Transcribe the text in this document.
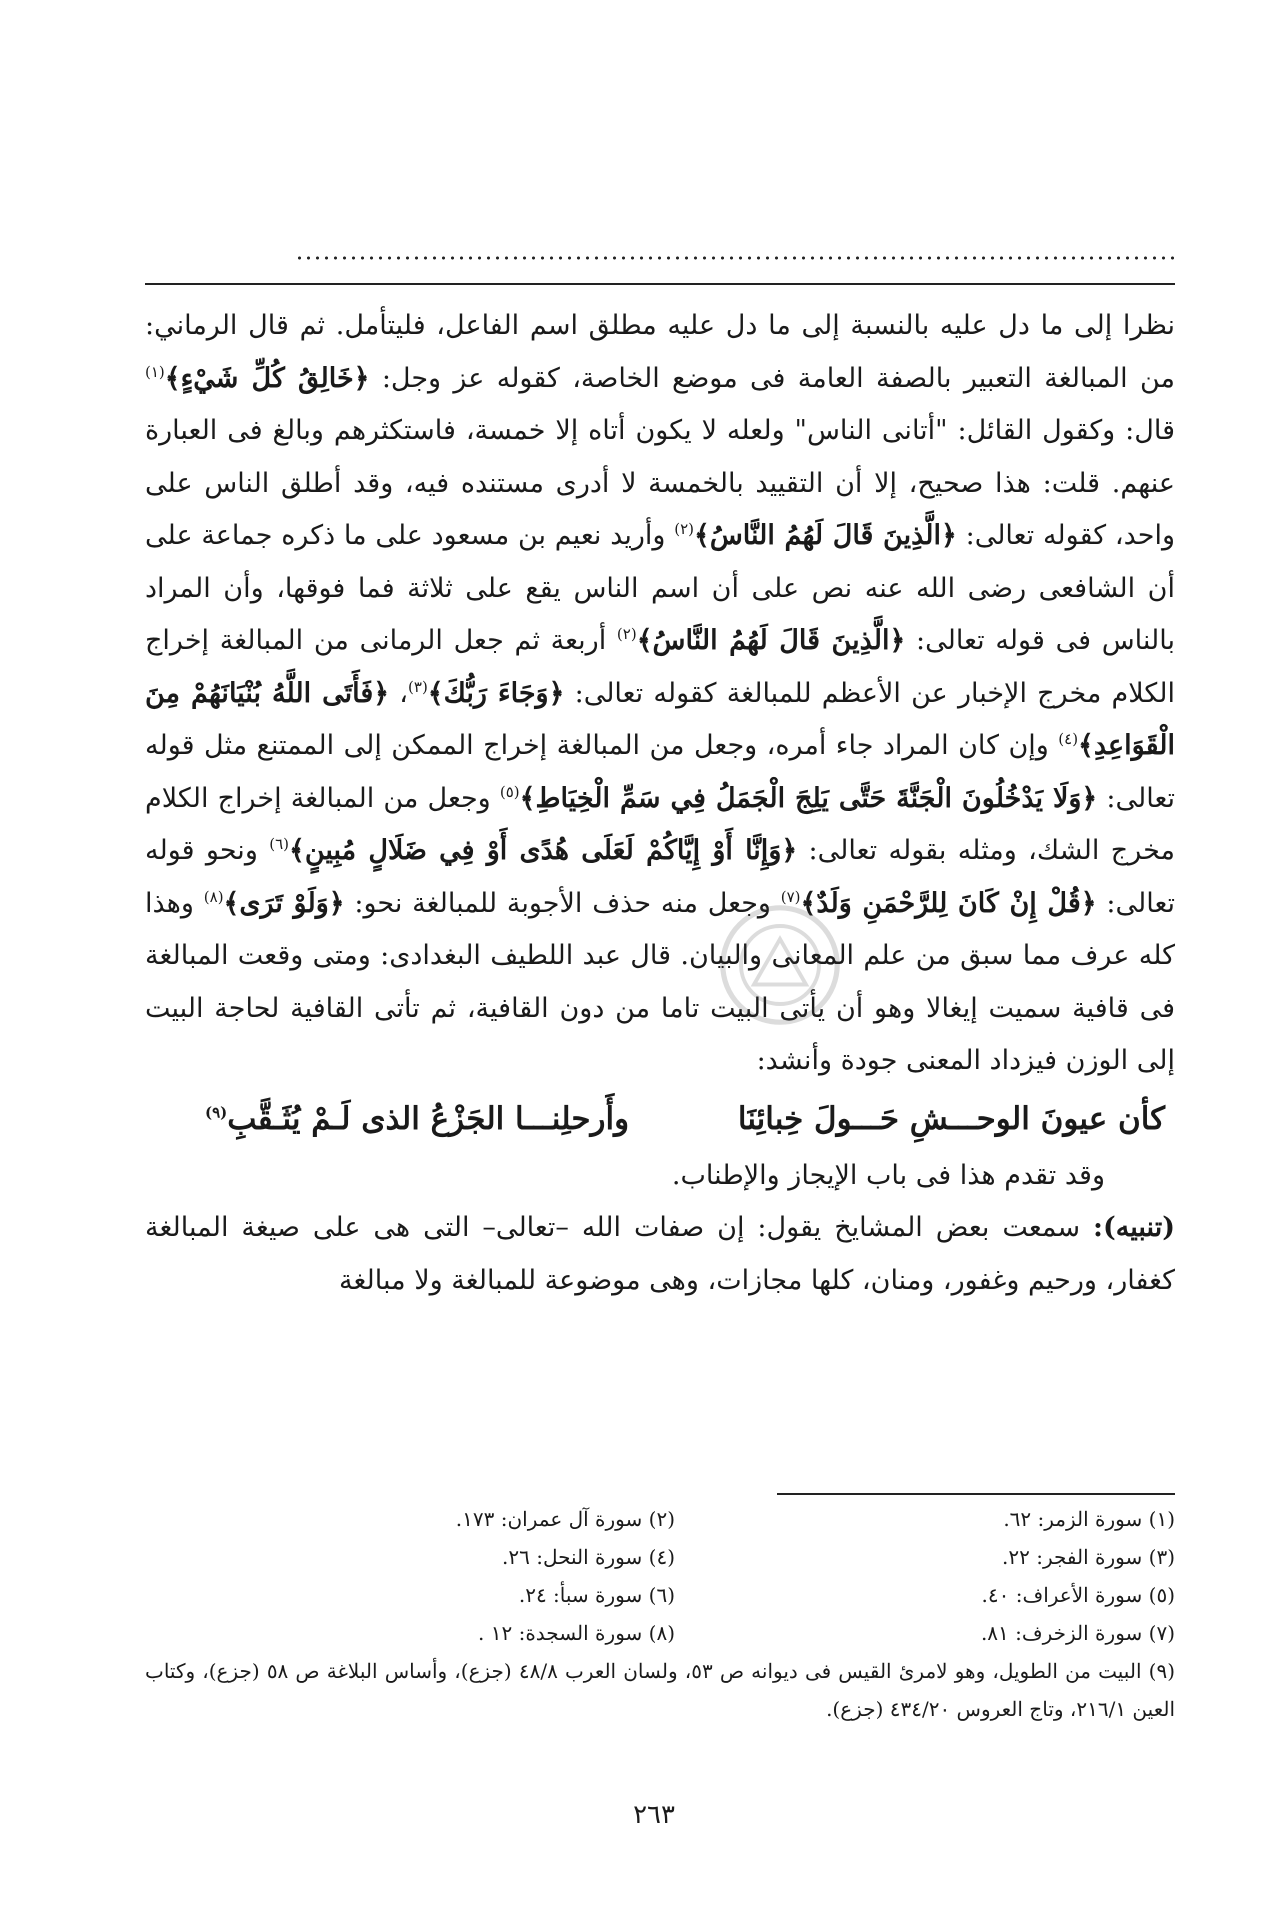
نظرا إلى ما دل عليه بالنسبة إلى ما دل عليه مطلق اسم الفاعل، فليتأمل. ثم قال الرماني: من المبالغة التعبير بالصفة العامة فى موضع الخاصة، كقوله عز وجل: ﴿خَالِقُ كُلِّ شَيْءٍ﴾$^{(١)}$ قال: وكقول القائل: "أتانى الناس" ولعله لا يكون أتاه إلا خمسة، فاستكثرهم وبالغ فى العبارة عنهم. قلت: هذا صحيح، إلا أن التقييد بالخمسة لا أدرى مستنده فيه، وقد أطلق الناس على واحد، كقوله تعالى: ﴿الَّذِينَ قَالَ لَهُمُ النَّاسُ﴾$^{(٢)}$ وأريد نعيم بن مسعود على ما ذكره جماعة على أن الشافعى رضى الله عنه نص على أن اسم الناس يقع على ثلاثة فما فوقها، وأن المراد بالناس فى قوله تعالى: ﴿الَّذِينَ قَالَ لَهُمُ النَّاسُ﴾$^{(٢)}$ أربعة ثم جعل الرمانى من المبالغة إخراج الكلام مخرج الإخبار عن الأعظم للمبالغة كقوله تعالى: ﴿وَجَاءَ رَبُّكَ﴾$^{(٣)}$، ﴿فَأَتَى اللَّهُ بُنْيَانَهُمْ مِنَ الْقَوَاعِدِ﴾$^{(٤)}$ وإن كان المراد جاء أمره، وجعل من المبالغة إخراج الممكن إلى الممتنع مثل قوله تعالى: ﴿وَلَا يَدْخُلُونَ الْجَنَّةَ حَتَّى يَلِجَ الْجَمَلُ فِي سَمِّ الْخِيَاطِ﴾$^{(٥)}$ وجعل من المبالغة إخراج الكلام مخرج الشك، ومثله بقوله تعالى: ﴿وَإِنَّا أَوْ إِيَّاكُمْ لَعَلَى هُدًى أَوْ فِي ضَلَالٍ مُبِينٍ﴾$^{(٦)}$ ونحو قوله تعالى: ﴿قُلْ إِنْ كَانَ لِلرَّحْمَنِ وَلَدٌ﴾$^{(٧)}$ وجعل منه حذف الأجوبة للمبالغة نحو: ﴿وَلَوْ تَرَى﴾$^{(٨)}$ وهذا كله عرف مما سبق من علم المعانى والبيان. قال عبد اللطيف البغدادى: ومتى وقعت المبالغة فى قافية سميت إيغالا وهو أن يأتى البيت تاما من دون القافية، ثم تأتى القافية لحاجة البيت إلى الوزن فيزداد المعنى جودة وأنشد:

كأن عيونَ الوحـــشِ حَـــولَ خِبائِنَا
وأَرحلِنـــا الجَزْعُ الذى لَـمْ يُثَـقَّبِ$^{(٩)}$

وقد تقدم هذا فى باب الإيجاز والإطناب.

(تنبيه): سمعت بعض المشايخ يقول: إن صفات الله –تعالى– التى هى على صيغة المبالغة كغفار، ورحيم وغفور، ومنان، كلها مجازات، وهى موضوعة للمبالغة ولا مبالغة

(١) سورة الزمر: ٦٢.
(٢) سورة آل عمران: ١٧٣.
(٣) سورة الفجر: ٢٢.
(٤) سورة النحل: ٢٦.
(٥) سورة الأعراف: ٤٠.
(٦) سورة سبأ: ٢٤.
(٧) سورة الزخرف: ٨١.
(٨) سورة السجدة: ١٢ .
(٩) البيت من الطويل، وهو لامرئ القيس فى ديوانه ص ٥٣، ولسان العرب ٤٨/٨ (جزع)، وأساس البلاغة ص ٥٨ (جزع)، وكتاب العين ٢١٦/١، وتاج العروس ٤٣٤/٢٠ (جزع).
٢٦٣
